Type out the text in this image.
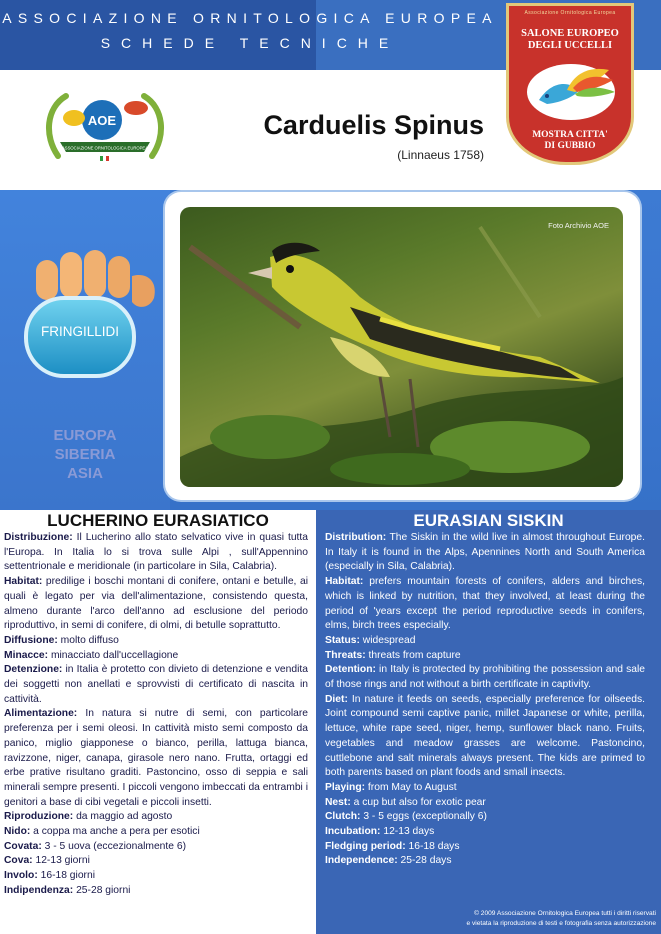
ASSOCIAZIONE ORNITOLOGICA EUROPEA
SCHEDE TECNICHE
Associazione Ornitologica Europea
SALONE EUROPEO
DEGLI UCCELLI
MOSTRA CITTA'
DI GUBBIO
AOE
ASSOCIAZIONE ORNITOLOGICA EUROPEA
Carduelis Spinus
(Linnaeus 1758)
Foto Archivio AOE
FRINGILLIDI
EUROPA
SIBERIA
ASIA
LUCHERINO EURASIATICO	EURASIAN SISKIN

Distribuzione: Il Lucherino allo stato selvatico vive in quasi tutta l'Europa. In Italia lo si trova sulle Alpi , sull'Appennino settentrionale e meridionale (in particolare in Sila, Calabria).

Habitat: predilige i boschi montani di conifere, ontani e betulle, ai quali è legato per via dell'alimentazione, consistendo questa, almeno durante l'arco dell'anno ad esclusione del periodo riproduttivo, in semi di conifere, di olmi, di betulle soprattutto.

Diffusione: molto diffuso

Minacce: minacciato dall'uccellagione

Detenzione: in Italia è protetto con divieto di detenzione e vendita dei soggetti non anellati e sprovvisti di certificato di nascita in cattività.

Alimentazione: In natura si nutre di semi, con particolare preferenza per i semi oleosi. In cattività misto semi composto da panico, miglio giapponese o bianco, perilla, lattuga bianca, ravizzone, niger, canapa, girasole nero nano. Frutta, ortaggi ed erbe prative risultano graditi. Pastoncino, osso di seppia e sali minerali sempre presenti. I piccoli vengono imbeccati da entrambi i genitori a base di cibi vegetali e piccoli insetti.

Riproduzione: da maggio ad agosto

Nido: a coppa ma anche a pera per esotici

Covata: 3 - 5 uova (eccezionalmente 6)

Cova: 12-13 giorni

Involo: 16-18 giorni

Indipendenza: 25-28 giorni

Distribution: The Siskin in the wild live in almost throughout Europe. In Italy it is found in the Alps, Apennines North and South America (especially in Sila, Calabria).

Habitat: prefers mountain forests of conifers, alders and birches, which is linked by nutrition, that they involved, at least during the period of 'years except the period reproductive seeds in conifers, elms, birch trees especially.

Status: widespread

Threats: threats from capture

Detention: in Italy is protected by prohibiting the possession and sale of those rings and not without a birth certificate in captivity.

Diet: In nature it feeds on seeds, especially preference for oilseeds. Joint compound semi captive panic, millet Japanese or white, perilla, lettuce, white rape seed, niger, hemp, sunflower black nano. Fruits, vegetables and meadow grasses are welcome. Pastoncino, cuttlebone and salt minerals always present. The kids are primed to both parents based on plant foods and small insects.

Playing: from May to August

Nest: a cup but also for exotic pear

Clutch: 3 - 5 eggs (exceptionally 6)

Incubation: 12-13 days

Fledging period: 16-18 days

Independence: 25-28 days

© 2009 Associazione Ornitologica Europea tutti i diritti riservati
e vietata la riproduzione di testi e fotografia senza autorizzazione
